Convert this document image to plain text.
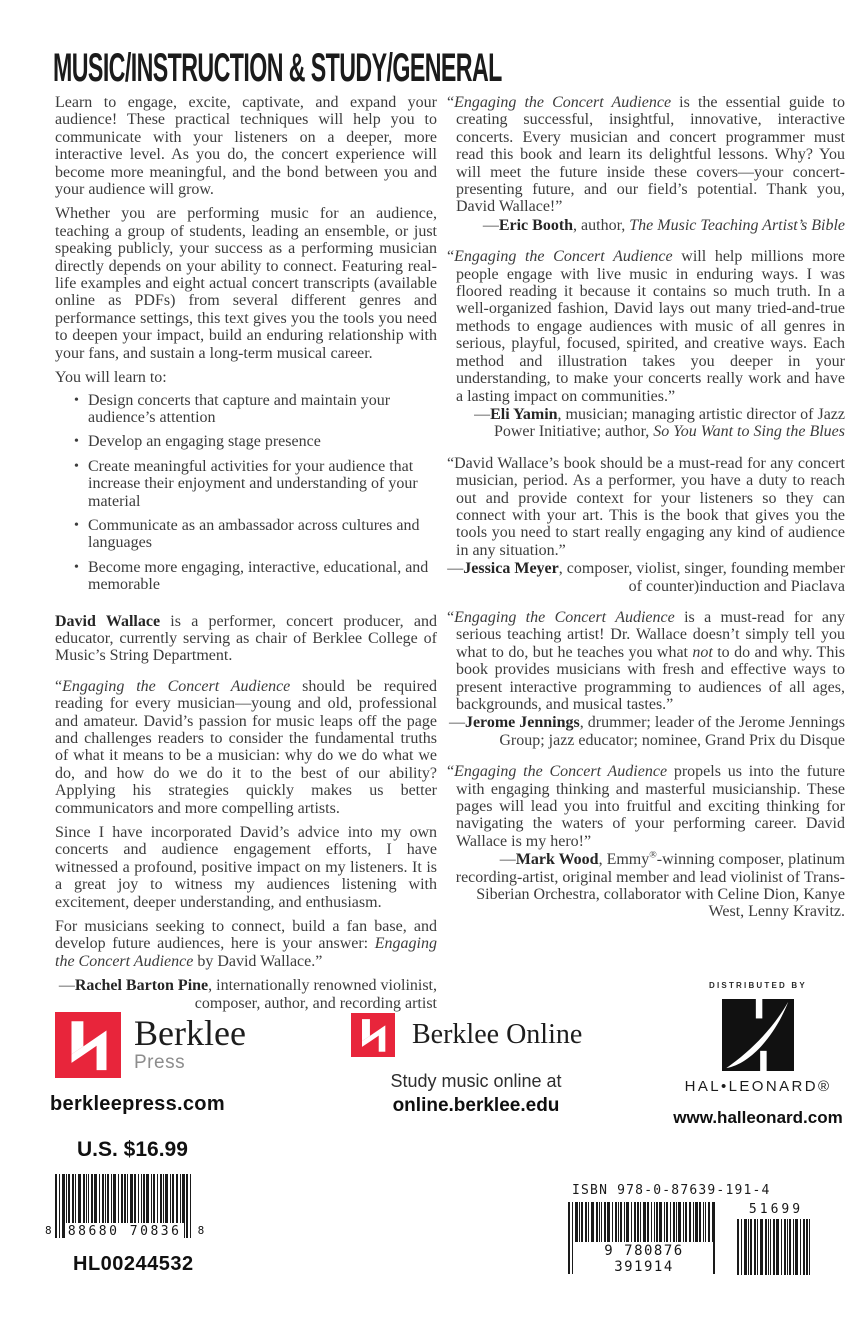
MUSIC/INSTRUCTION & STUDY/GENERAL

Learn to engage, excite, captivate, and expand your audience! These practical techniques will help you to communicate with your listeners on a deeper, more interactive level. As you do, the concert experience will become more meaningful, and the bond between you and your audience will grow.

Whether you are performing music for an audience, teaching a group of students, leading an ensemble, or just speaking publicly, your success as a performing musician directly depends on your ability to connect. Featuring real-life examples and eight actual concert transcripts (available online as PDFs) from several different genres and performance settings, this text gives you the tools you need to deepen your impact, build an enduring relationship with your fans, and sustain a long-term musical career.

You will learn to:

• Design concerts that capture and maintain your audience’s attention
• Develop an engaging stage presence
• Create meaningful activities for your audience that increase their enjoyment and understanding of your material
• Communicate as an ambassador across cultures and languages
• Become more engaging, interactive, educational, and memorable

David Wallace is a performer, concert producer, and educator, currently serving as chair of Berklee College of Music’s String Department.

“Engaging the Concert Audience should be required reading for every musician—young and old, professional and amateur. David’s passion for music leaps off the page and challenges readers to consider the fundamental truths of what it means to be a musician: why do we do what we do, and how do we do it to the best of our ability? Applying his strategies quickly makes us better communicators and more compelling artists.

Since I have incorporated David’s advice into my own concerts and audience engagement efforts, I have witnessed a profound, positive impact on my listeners. It is a great joy to witness my audiences listening with excitement, deeper understanding, and enthusiasm.

For musicians seeking to connect, build a fan base, and develop future audiences, here is your answer: Engaging the Concert Audience by David Wallace.”

—Rachel Barton Pine, internationally renowned violinist, composer, author, and recording artist

“Engaging the Concert Audience is the essential guide to creating successful, insightful, innovative, interactive concerts. Every musician and concert programmer must read this book and learn its delightful lessons. Why? You will meet the future inside these covers—your concert-presenting future, and our field’s potential. Thank you, David Wallace!”

—Eric Booth, author, The Music Teaching Artist’s Bible

“Engaging the Concert Audience will help millions more people engage with live music in enduring ways. I was floored reading it because it contains so much truth. In a well-organized fashion, David lays out many tried-and-true methods to engage audiences with music of all genres in serious, playful, focused, spirited, and creative ways. Each method and illustration takes you deeper in your understanding, to make your concerts really work and have a lasting impact on communities.”

—Eli Yamin, musician; managing artistic director of Jazz Power Initiative; author, So You Want to Sing the Blues

“David Wallace’s book should be a must-read for any concert musician, period. As a performer, you have a duty to reach out and provide context for your listeners so they can connect with your art. This is the book that gives you the tools you need to start really engaging any kind of audience in any situation.”

—Jessica Meyer, composer, violist, singer, founding member of counter)induction and Piaclava

“Engaging the Concert Audience is a must-read for any serious teaching artist! Dr. Wallace doesn’t simply tell you what to do, but he teaches you what not to do and why. This book provides musicians with fresh and effective ways to present interactive programming to audiences of all ages, backgrounds, and musical tastes.”

—Jerome Jennings, drummer; leader of the Jerome Jennings Group; jazz educator; nominee, Grand Prix du Disque

“Engaging the Concert Audience propels us into the future with engaging thinking and masterful musicianship. These pages will lead you into fruitful and exciting thinking for navigating the waters of your performing career. David Wallace is my hero!”

—Mark Wood, Emmy®-winning composer, platinum recording-artist, original member and lead violinist of Trans-Siberian Orchestra, collaborator with Celine Dion, Kanye West, Lenny Kravitz.

Berklee
Press
berkleepress.com
Berklee Online
Study music online at
online.berklee.edu
DISTRIBUTED BY
HAL•LEONARD®
www.halleonard.com
U.S. $16.99
8 88680 70836 8
HL00244532
ISBN 978-0-87639-191-4
9 780876 391914
51699
